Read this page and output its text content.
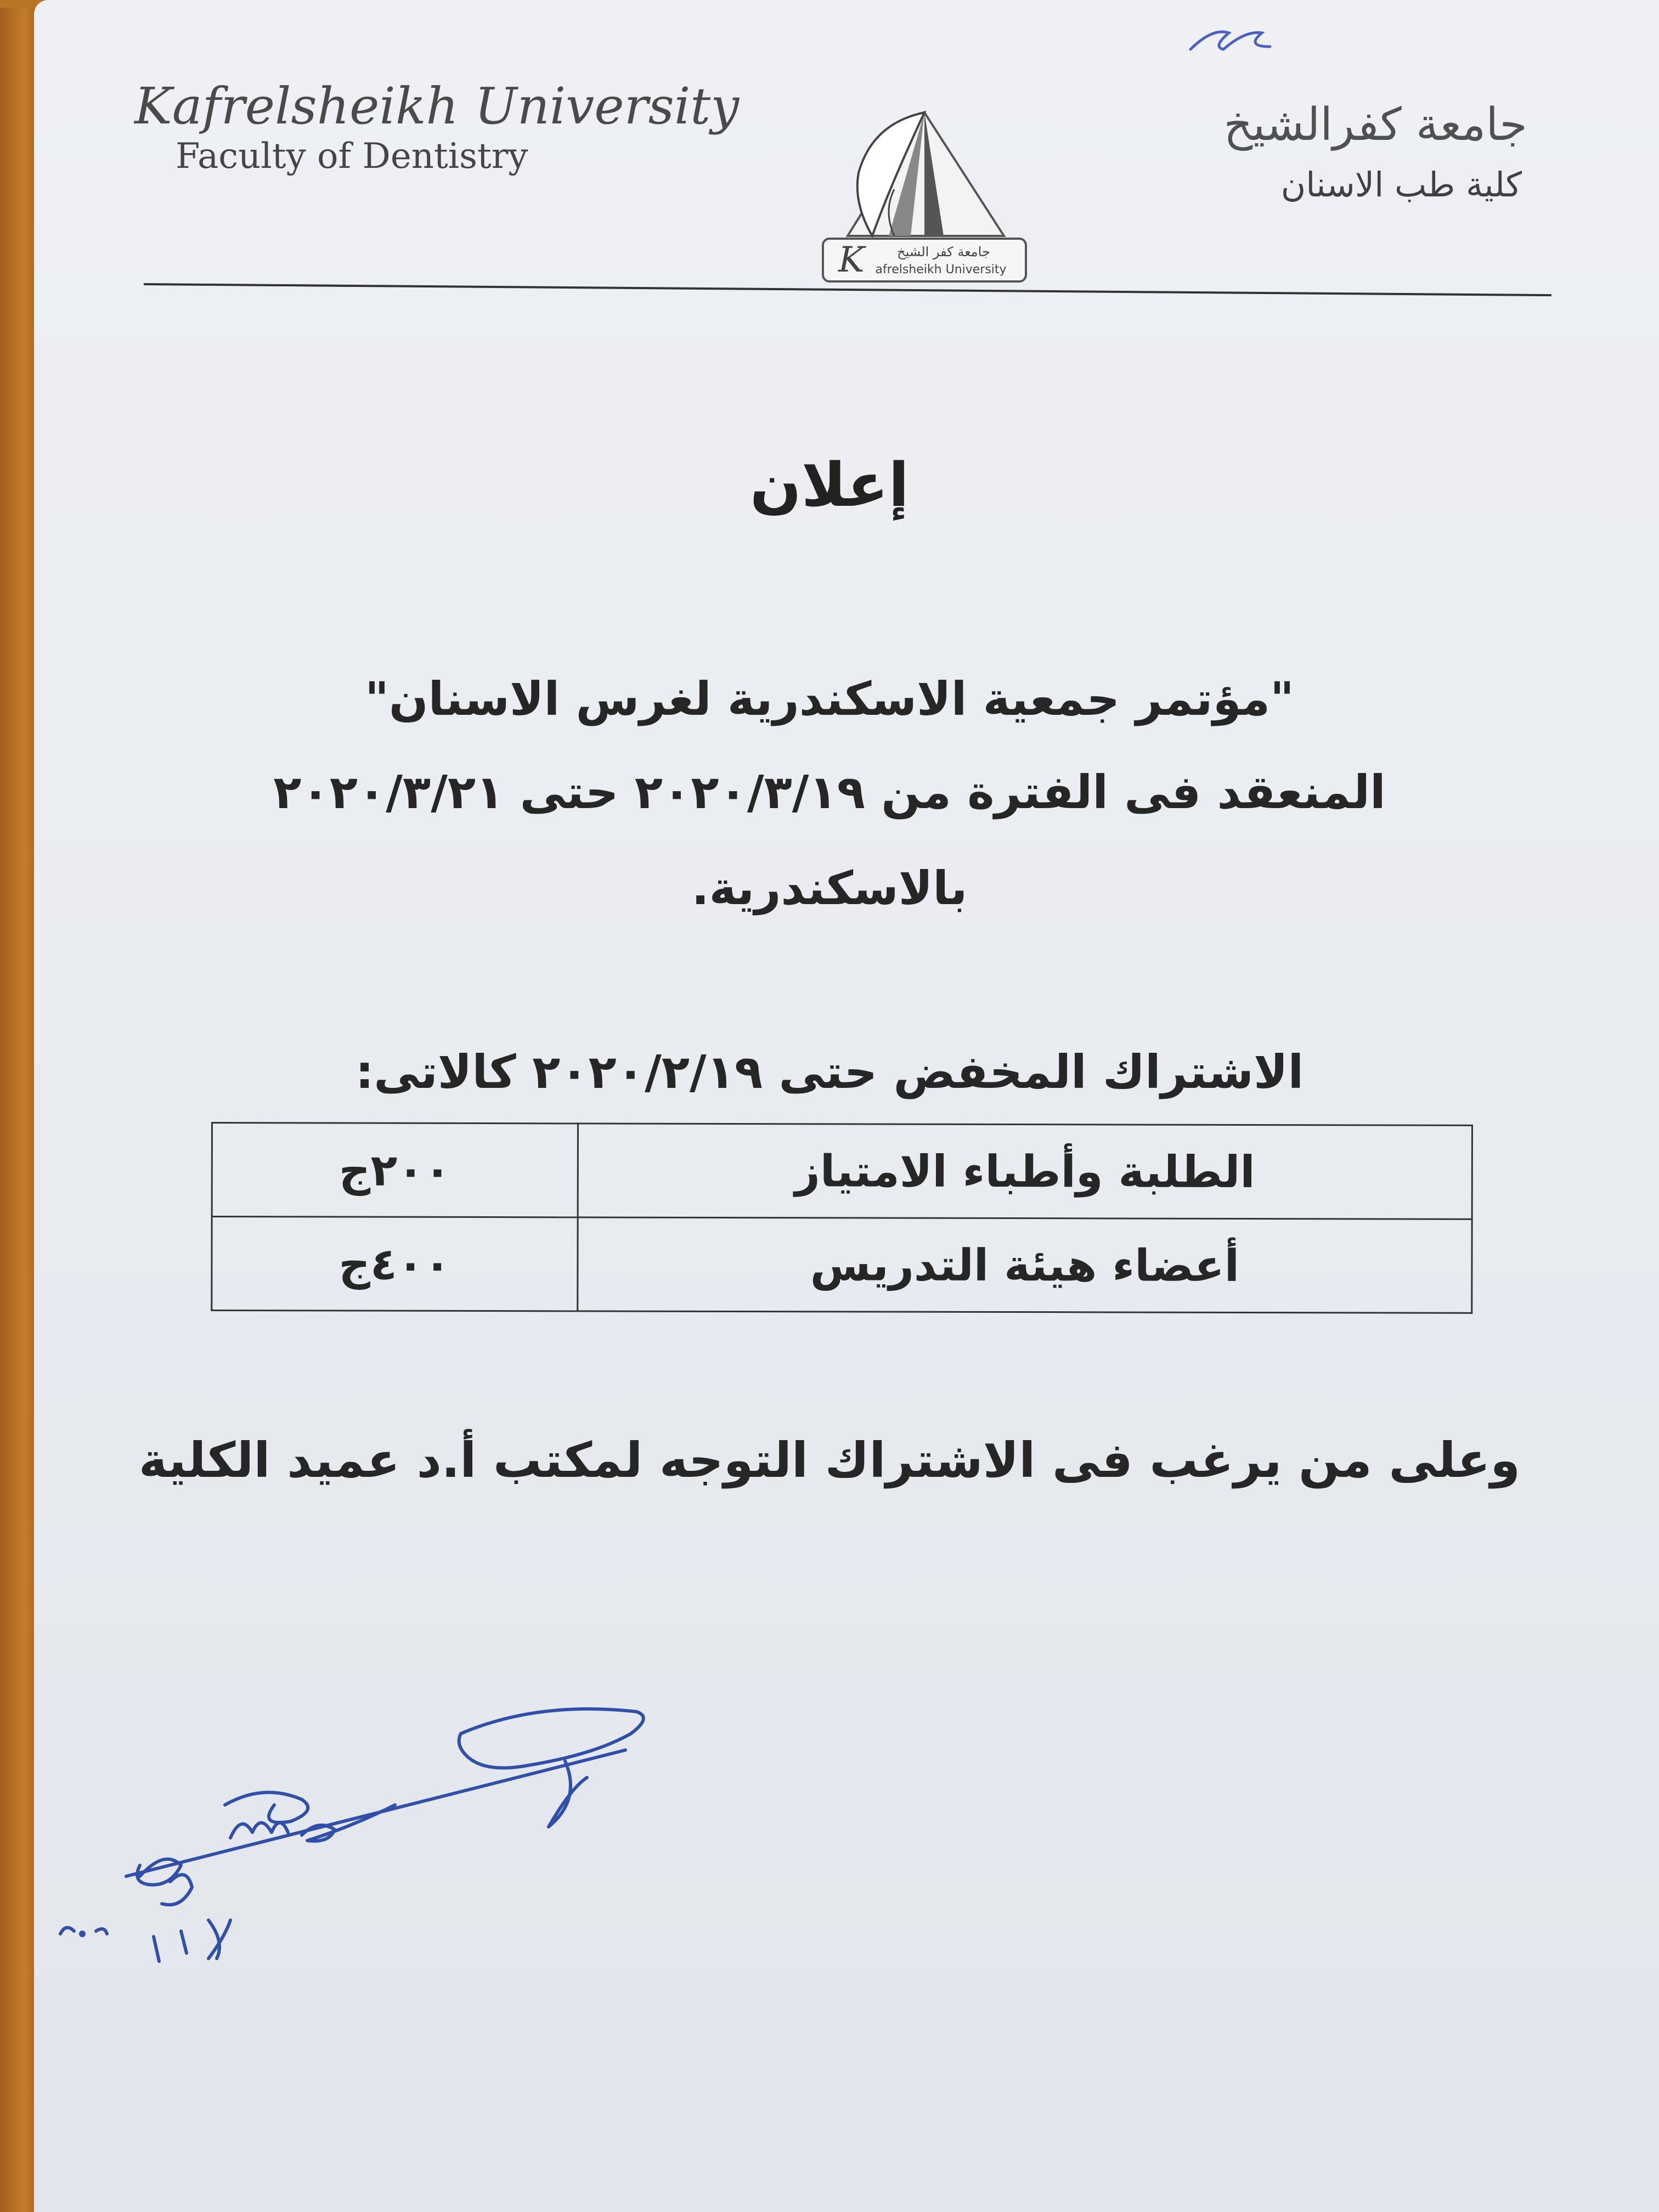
Kafrelsheikh University
Faculty of Dentistry
جامعة كفرالشيخ
كلية طب الاسنان
K جامعة كفر الشيخ
afrelsheikh University
إعلان
"مؤتمر جمعية الاسكندرية لغرس الاسنان"
المنعقد فى الفترة من ٢٠٢٠/٣/١٩ حتى ٢٠٢٠/٣/٢١
بالاسكندرية.
الاشتراك المخفض حتى ٢٠٢٠/٢/١٩ كالاتى:
الطلبة وأطباء الامتياز	٢٠٠ج
أعضاء هيئة التدريس	٤٠٠ج
وعلى من يرغب فى الاشتراك التوجه لمكتب أ.د عميد الكلية
